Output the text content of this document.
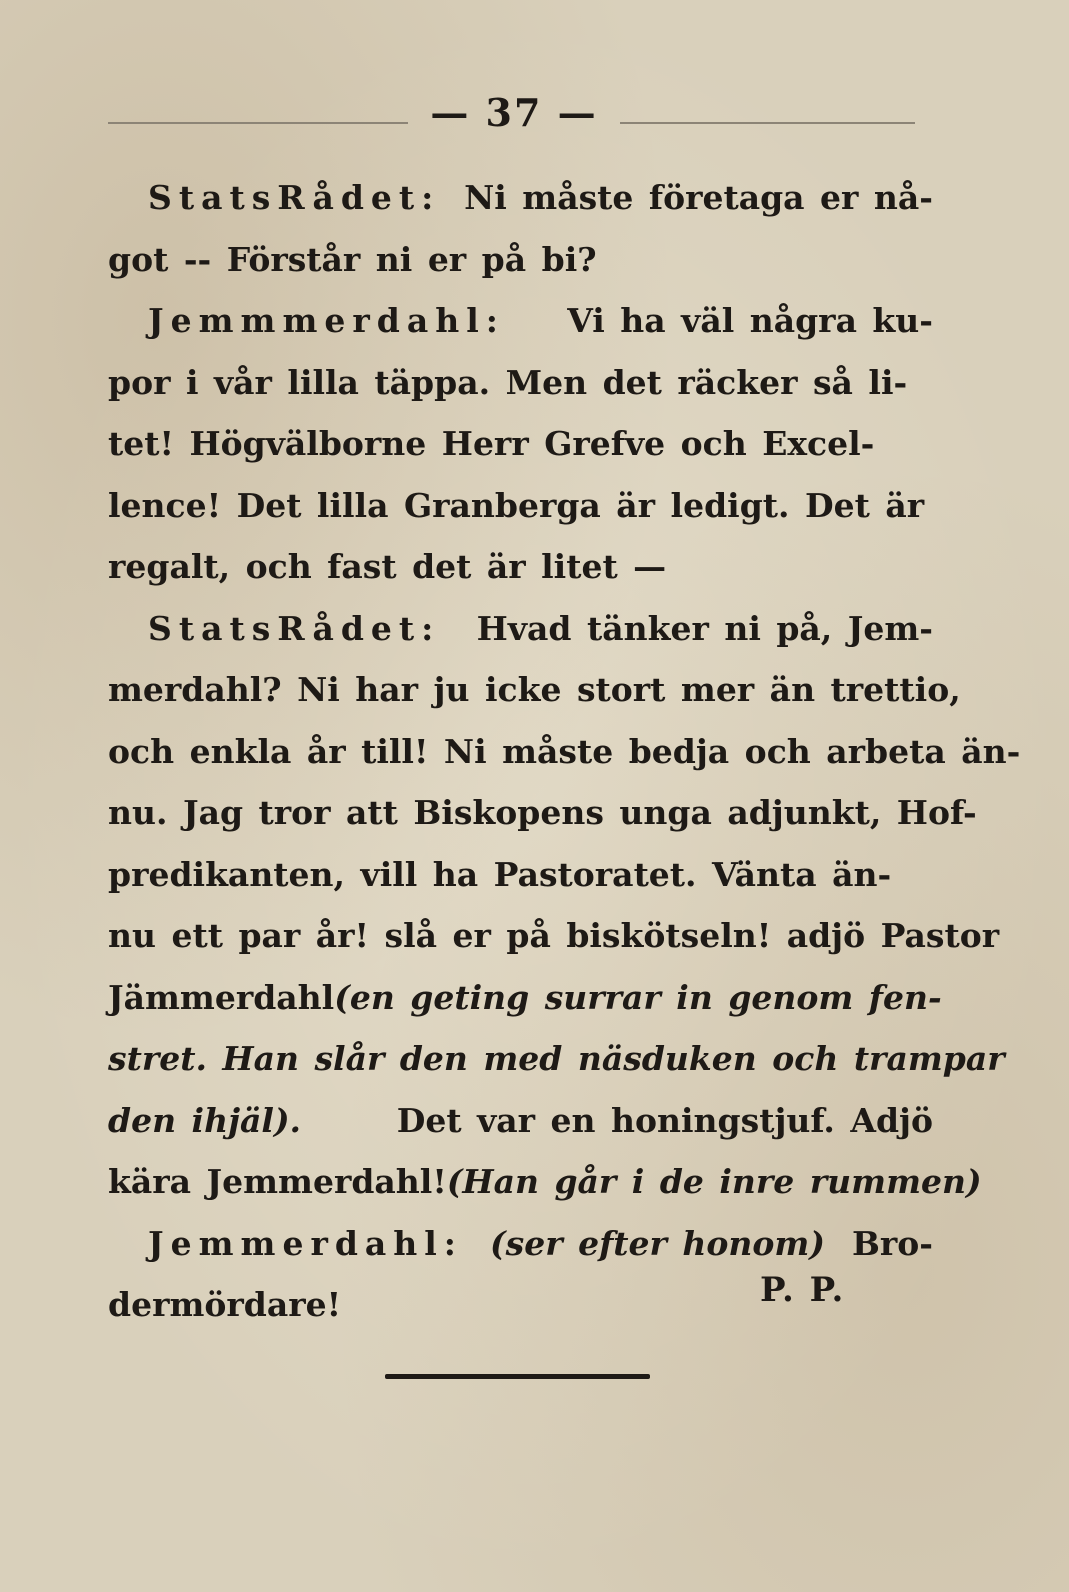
— 37 —
StatsRådet: Ni måste företaga er nå-
got -- Förstår ni er på bi?
Jemmmerdahl: Vi ha väl några ku-
por i vår lilla täppa. Men det räcker så li-
tet! Högvälborne Herr Grefve och Excel-
lence! Det lilla Granberga är ledigt. Det är
regalt, och fast det är litet —
StatsRådet: Hvad tänker ni på, Jem-
merdahl? Ni har ju icke stort mer än trettio,
och enkla år till! Ni måste bedja och arbeta än-
nu. Jag tror att Biskopens unga adjunkt, Hof-
predikanten, vill ha Pastoratet. Vänta än-
nu ett par år! slå er på biskötseln! adjö Pastor
Jämmerdahl (en geting surrar in genom fen-
stret. Han slår den med näsduken och trampar
den ihjäl).	Det var en honingstjuf. Adjö
kära Jemmerdahl! (Han går i de inre rummen)
Jemmerdahl: (ser efter honom) Bro-
dermördare!	P. P.
